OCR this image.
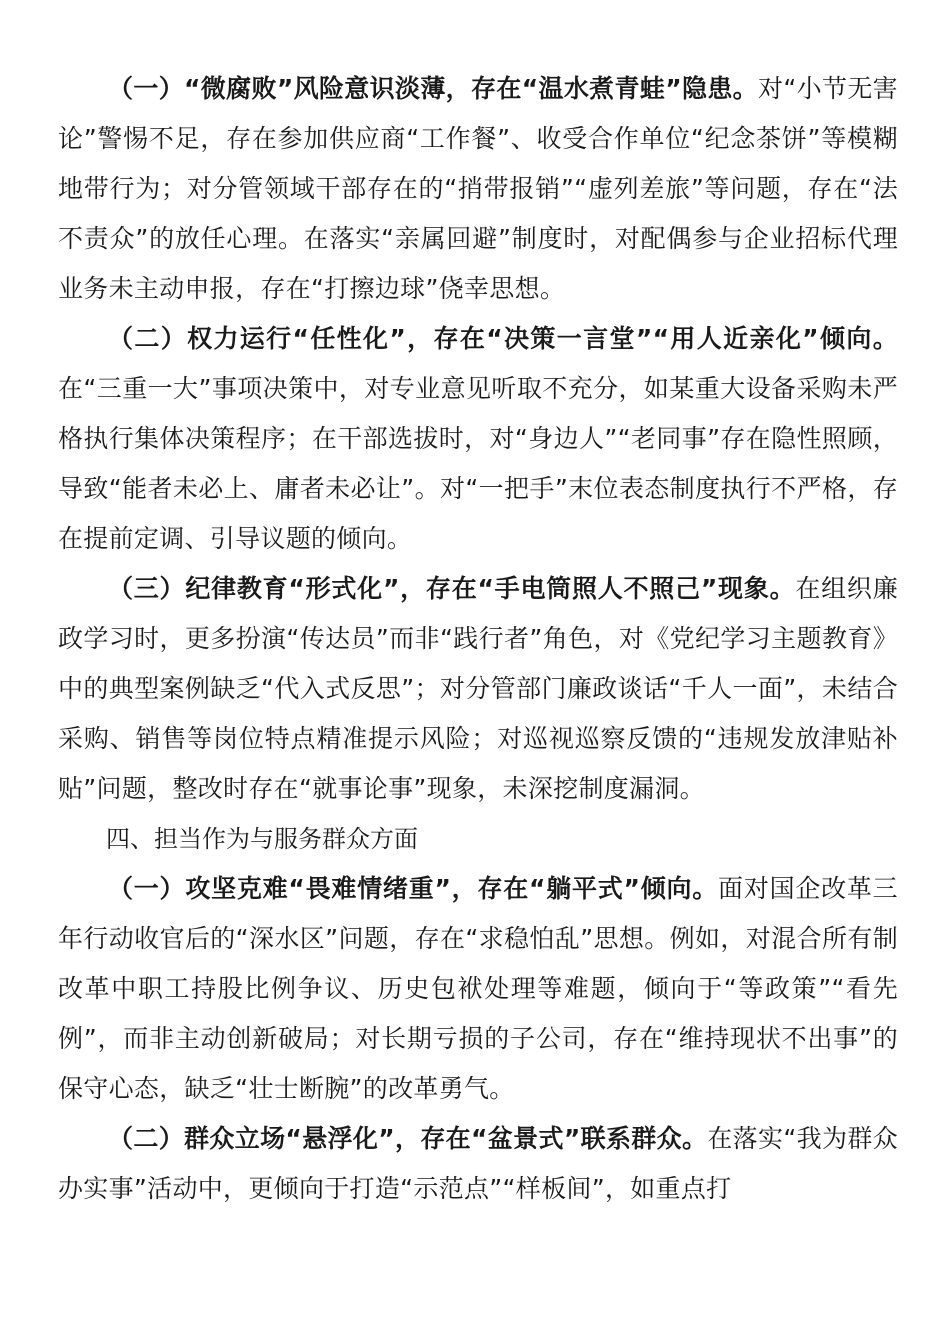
（一）“微腐败”风险意识淡薄，存在“温水煮青蛙”隐患。对“小节无害论”警惕不足，存在参加供应商“工作餐”、收受合作单位“纪念茶饼”等模糊地带行为；对分管领域干部存在的“捎带报销”“虚列差旅”等问题，存在“法不责众”的放任心理。在落实“亲属回避”制度时，对配偶参与企业招标代理业务未主动申报，存在“打擦边球”侥幸思想。

（二）权力运行“任性化”，存在“决策一言堂”“用人近亲化”倾向。在“三重一大”事项决策中，对专业意见听取不充分，如某重大设备采购未严格执行集体决策程序；在干部选拔时，对“身边人”“老同事”存在隐性照顾，导致“能者未必上、庸者未必让”。对“一把手”末位表态制度执行不严格，存在提前定调、引导议题的倾向。

（三）纪律教育“形式化”，存在“手电筒照人不照己”现象。在组织廉政学习时，更多扮演“传达员”而非“践行者”角色，对《党纪学习主题教育》中的典型案例缺乏“代入式反思”；对分管部门廉政谈话“千人一面”，未结合采购、销售等岗位特点精准提示风险；对巡视巡察反馈的“违规发放津贴补贴”问题，整改时存在“就事论事”现象，未深挖制度漏洞。

四、担当作为与服务群众方面

（一）攻坚克难“畏难情绪重”，存在“躺平式”倾向。面对国企改革三年行动收官后的“深水区”问题，存在“求稳怕乱”思想。例如，对混合所有制改革中职工持股比例争议、历史包袱处理等难题，倾向于“等政策”“看先例”，而非主动创新破局；对长期亏损的子公司，存在“维持现状不出事”的保守心态，缺乏“壮士断腕”的改革勇气。

（二）群众立场“悬浮化”，存在“盆景式”联系群众。在落实“我为群众办实事”活动中，更倾向于打造“示范点”“样板间”，如重点打
